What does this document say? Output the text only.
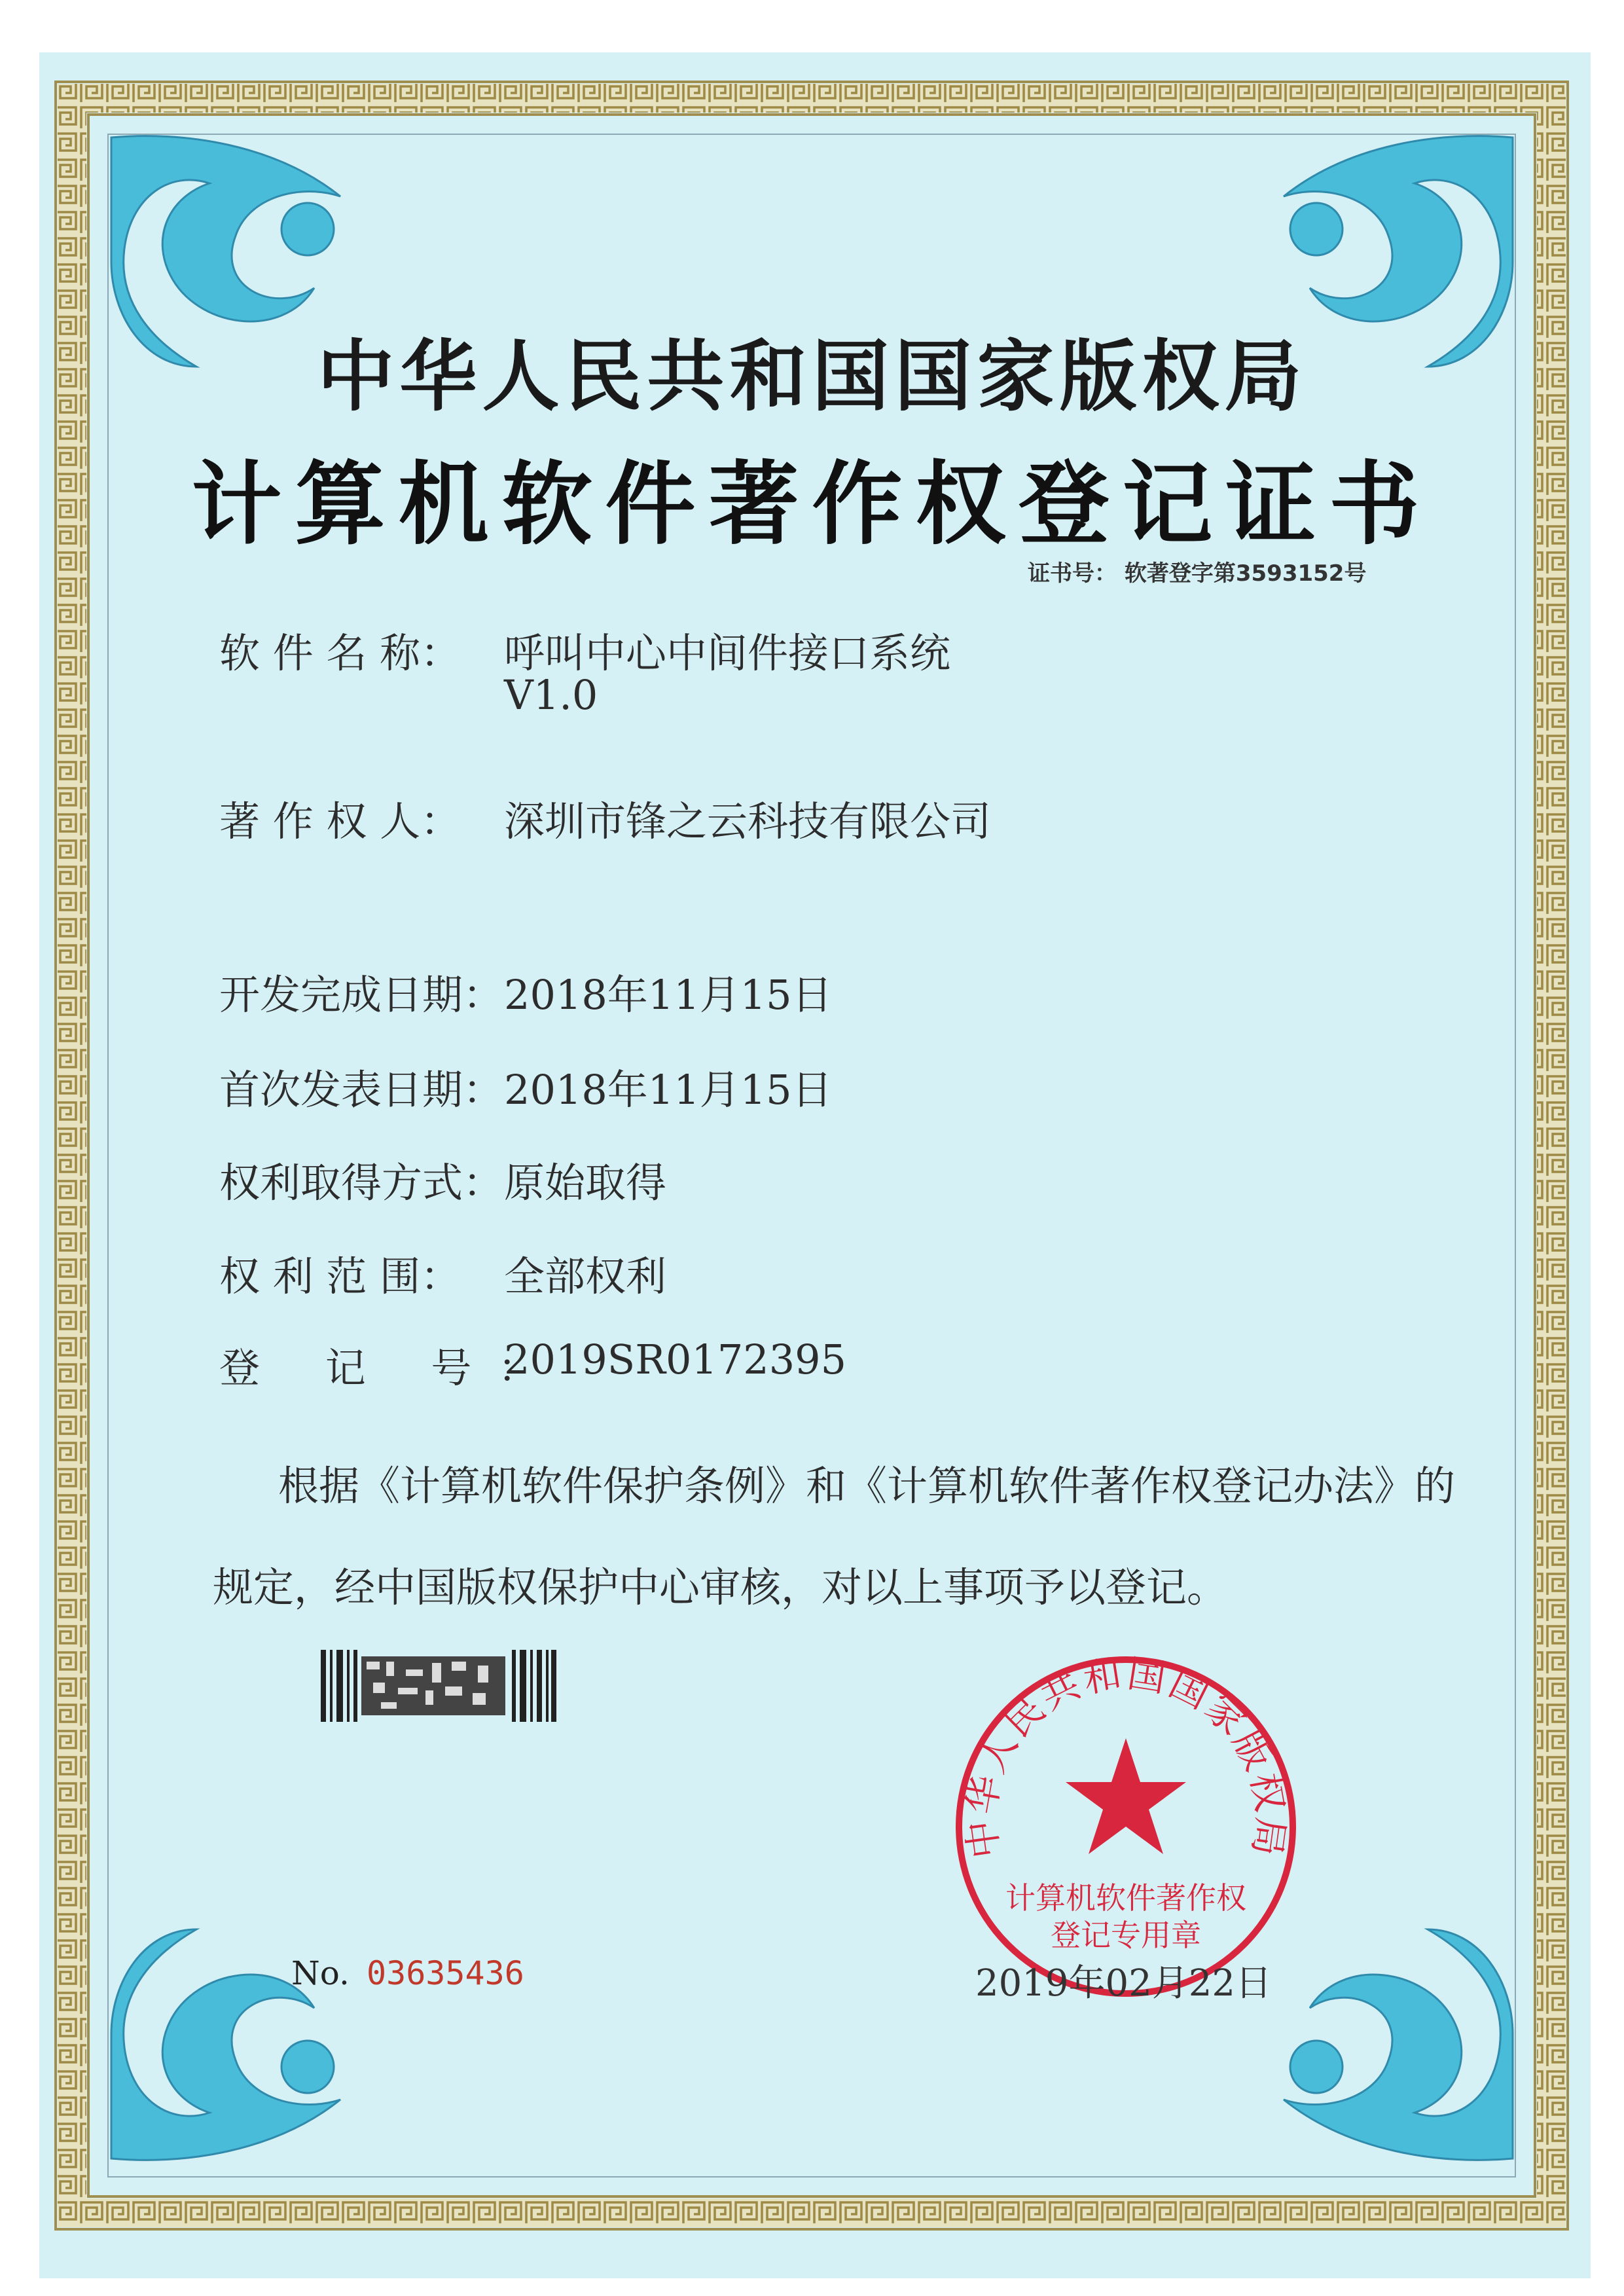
中华人民共和国国家版权局
计算机软件著作权登记证书
证书号： 软著登字第3593152号
软 件 名 称： 呼叫中心中间件接口系统
V1.0
著 作 权 人： 深圳市锋之云科技有限公司
开发完成日期： 2018年11月15日
首次发表日期： 2018年11月15日
权利取得方式： 原始取得
权 利 范 围： 全部权利
登 记 号：
2019SR0172395
根据《计算机软件保护条例》和《计算机软件著作权登记办法》的
规定，经中国版权保护中心审核，对以上事项予以登记。
中华人民共和国国家版权局
计算机软件著作权
登记专用章
No. 03635436	2019年02月22日
